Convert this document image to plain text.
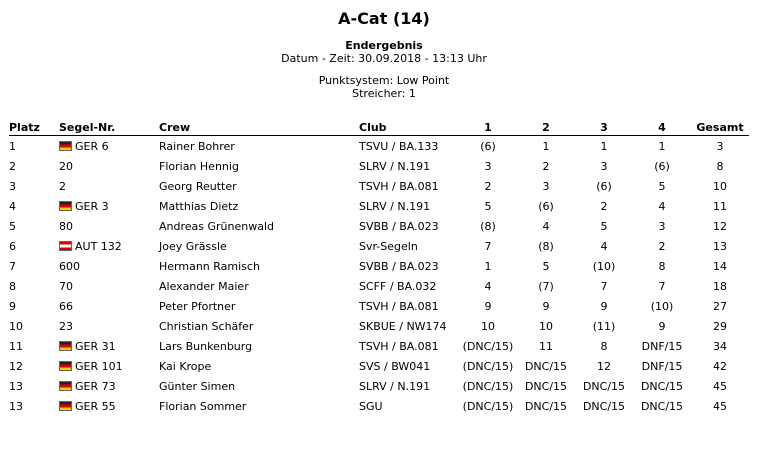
A-Cat (14)
Endergebnis
Datum - Zeit: 30.09.2018 - 13:13 Uhr
Punktsystem: Low Point
Streicher: 1
Platz	Segel-Nr.	Crew	Club	1	2	3	4	Gesamt
1	GER 6	Rainer Bohrer	TSVU / BA.133	(6)	1	1	1	3
2	20	Florian Hennig	SLRV / N.191	3	2	3	(6)	8
3	2	Georg Reutter	TSVH / BA.081	2	3	(6)	5	10
4	GER 3	Matthias Dietz	SLRV / N.191	5	(6)	2	4	11
5	80	Andreas Grünenwald	SVBB / BA.023	(8)	4	5	3	12
6	AUT 132	Joey Grässle	Svr-Segeln	7	(8)	4	2	13
7	600	Hermann Ramisch	SVBB / BA.023	1	5	(10)	8	14
8	70	Alexander Maier	SCFF / BA.032	4	(7)	7	7	18
9	66	Peter Pfortner	TSVH / BA.081	9	9	9	(10)	27
10	23	Christian Schäfer	SKBUE / NW174	10	10	(11)	9	29
11	GER 31	Lars Bunkenburg	TSVH / BA.081	(DNC/15)	11	8	DNF/15	34
12	GER 101	Kai Krope	SVS / BW041	(DNC/15)	DNC/15	12	DNF/15	42
13	GER 73	Günter Simen	SLRV / N.191	(DNC/15)	DNC/15	DNC/15	DNC/15	45
13	GER 55	Florian Sommer	SGU	(DNC/15)	DNC/15	DNC/15	DNC/15	45
